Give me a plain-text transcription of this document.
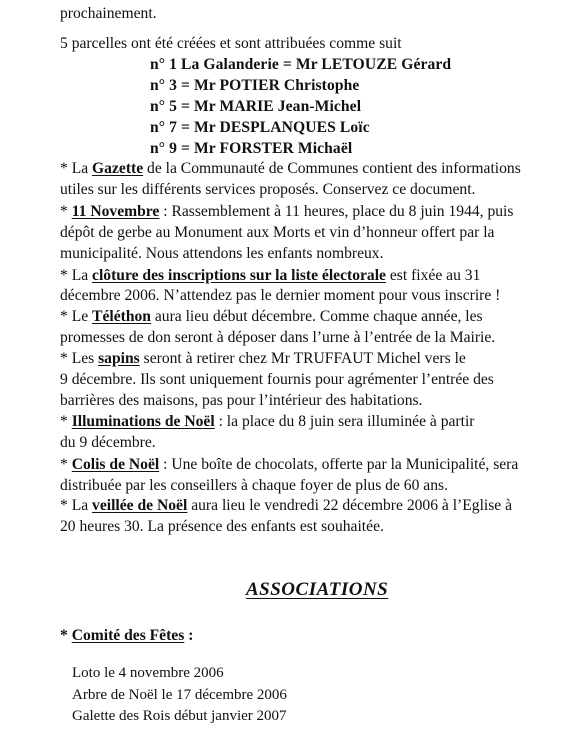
prochainement.
5 parcelles ont été créées et sont attribuées comme suit
n° 1 La Galanderie = Mr LETOUZE Gérard
n° 3 = Mr POTIER Christophe
n° 5 = Mr MARIE Jean-Michel
n° 7 = Mr DESPLANQUES Loïc
n° 9 = Mr FORSTER Michaël
* La Gazette de la Communauté de Communes contient des informations
utiles sur les différents services proposés. Conservez ce document.
* 11 Novembre : Rassemblement à 11 heures, place du 8 juin 1944, puis
dépôt de gerbe au Monument aux Morts et vin d’honneur offert par la
municipalité. Nous attendons les enfants nombreux.
* La clôture des inscriptions sur la liste électorale est fixée au 31
décembre 2006. N’attendez pas le dernier moment pour vous inscrire !
* Le Téléthon aura lieu début décembre. Comme chaque année, les
promesses de don seront à déposer dans l’urne à l’entrée de la Mairie.
* Les sapins seront à retirer chez Mr TRUFFAUT Michel vers le
9 décembre. Ils sont uniquement fournis pour agrémenter l’entrée des
barrières des maisons, pas pour l’intérieur des habitations.
* Illuminations de Noël : la place du 8 juin sera illuminée à partir
du 9 décembre.
* Colis de Noël : Une boîte de chocolats, offerte par la Municipalité, sera
distribuée par les conseillers à chaque foyer de plus de 60 ans.
* La veillée de Noël aura lieu le vendredi 22 décembre 2006 à l’Eglise à
20 heures 30. La présence des enfants est souhaitée.
ASSOCIATIONS
* Comité des Fêtes :
Loto le 4 novembre 2006
Arbre de Noël le 17 décembre 2006
Galette des Rois début janvier 2007
